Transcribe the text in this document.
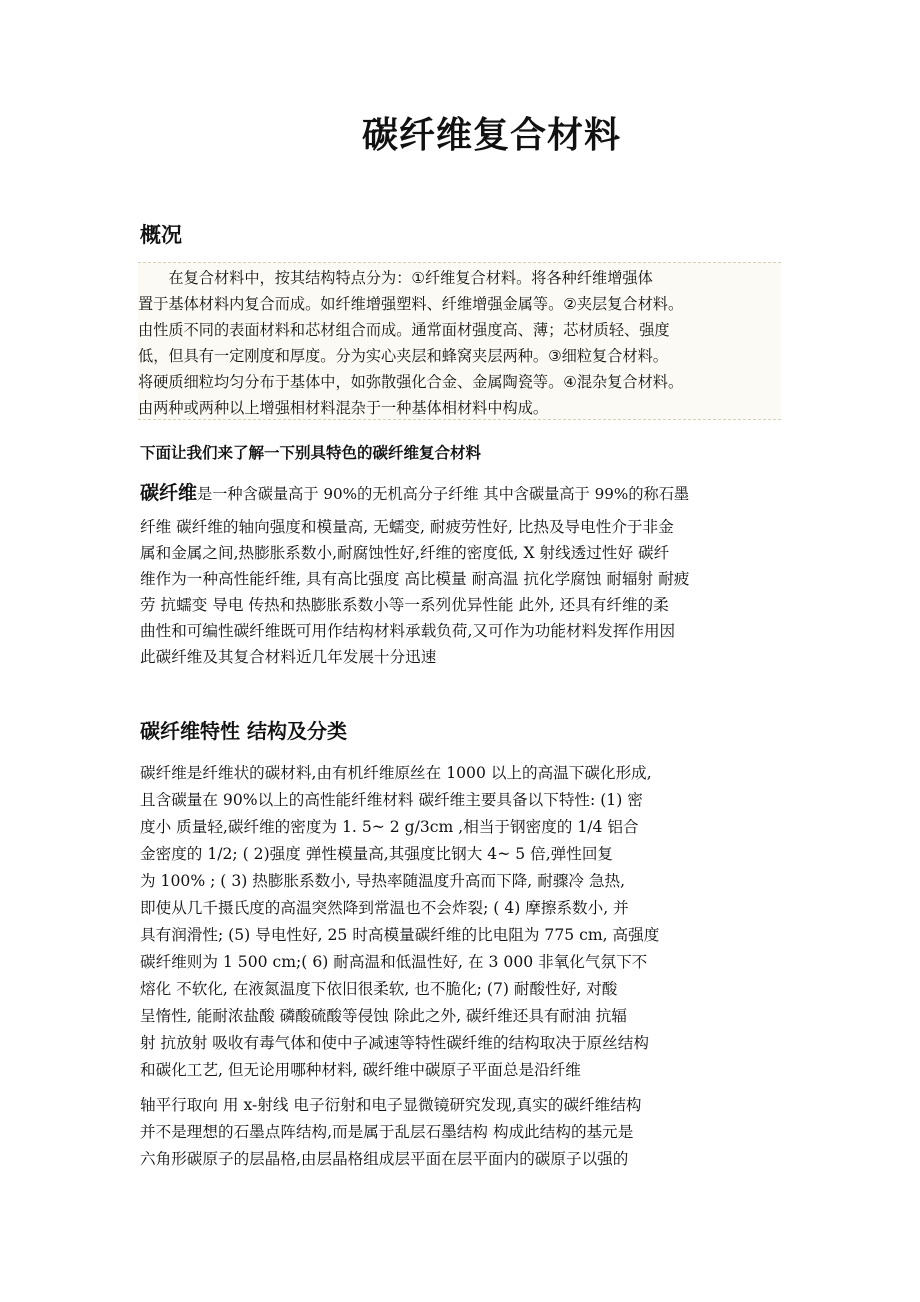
碳纤维复合材料
概况

　　在复合材料中，按其结构特点分为：①纤维复合材料。将各种纤维增强体

置于基体材料内复合而成。如纤维增强塑料、纤维增强金属等。②夹层复合材料。

由性质不同的表面材料和芯材组合而成。通常面材强度高、薄；芯材质轻、强度

低，但具有一定刚度和厚度。分为实心夹层和蜂窝夹层两种。③细粒复合材料。

将硬质细粒均匀分布于基体中，如弥散强化合金、金属陶瓷等。④混杂复合材料。

由两种或两种以上增强相材料混杂于一种基体相材料中构成。

下面让我们来了解一下别具特色的碳纤维复合材料

碳纤维是一种含碳量高于 90%的无机高分子纤维 其中含碳量高于 99%的称石墨

纤维 碳纤维的轴向强度和模量高, 无蠕变, 耐疲劳性好, 比热及导电性介于非金

属和金属之间,热膨胀系数小,耐腐蚀性好,纤维的密度低, X 射线透过性好 碳纤

维作为一种高性能纤维, 具有高比强度 高比模量 耐高温 抗化学腐蚀 耐辐射 耐疲

劳 抗蠕变 导电 传热和热膨胀系数小等一系列优异性能 此外, 还具有纤维的柔

曲性和可编性碳纤维既可用作结构材料承载负荷,又可作为功能材料发挥作用因

此碳纤维及其复合材料近几年发展十分迅速

碳纤维特性 结构及分类

碳纤维是纤维状的碳材料,由有机纤维原丝在 1000 以上的高温下碳化形成,

且含碳量在 90%以上的高性能纤维材料 碳纤维主要具备以下特性: (1) 密

度小 质量轻,碳纤维的密度为 1. 5~ 2 g/3cm ,相当于钢密度的 1/4 铝合

金密度的 1/2; ( 2)强度 弹性模量高,其强度比钢大 4~ 5 倍,弹性回复

为 100% ; ( 3) 热膨胀系数小, 导热率随温度升高而下降, 耐骤冷 急热,

即使从几千摄氏度的高温突然降到常温也不会炸裂; ( 4) 摩擦系数小, 并

具有润滑性; (5) 导电性好, 25 时高模量碳纤维的比电阻为 775 cm, 高强度

碳纤维则为 1 500 cm;( 6) 耐高温和低温性好, 在 3 000 非氧化气氛下不

熔化 不软化, 在液氮温度下依旧很柔软, 也不脆化; (7) 耐酸性好, 对酸

呈惰性, 能耐浓盐酸 磷酸硫酸等侵蚀 除此之外, 碳纤维还具有耐油 抗辐

射 抗放射 吸收有毒气体和使中子减速等特性碳纤维的结构取决于原丝结构

和碳化工艺, 但无论用哪种材料, 碳纤维中碳原子平面总是沿纤维

轴平行取向 用 x-射线 电子衍射和电子显微镜研究发现,真实的碳纤维结构

并不是理想的石墨点阵结构,而是属于乱层石墨结构 构成此结构的基元是

六角形碳原子的层晶格,由层晶格组成层平面在层平面内的碳原子以强的
